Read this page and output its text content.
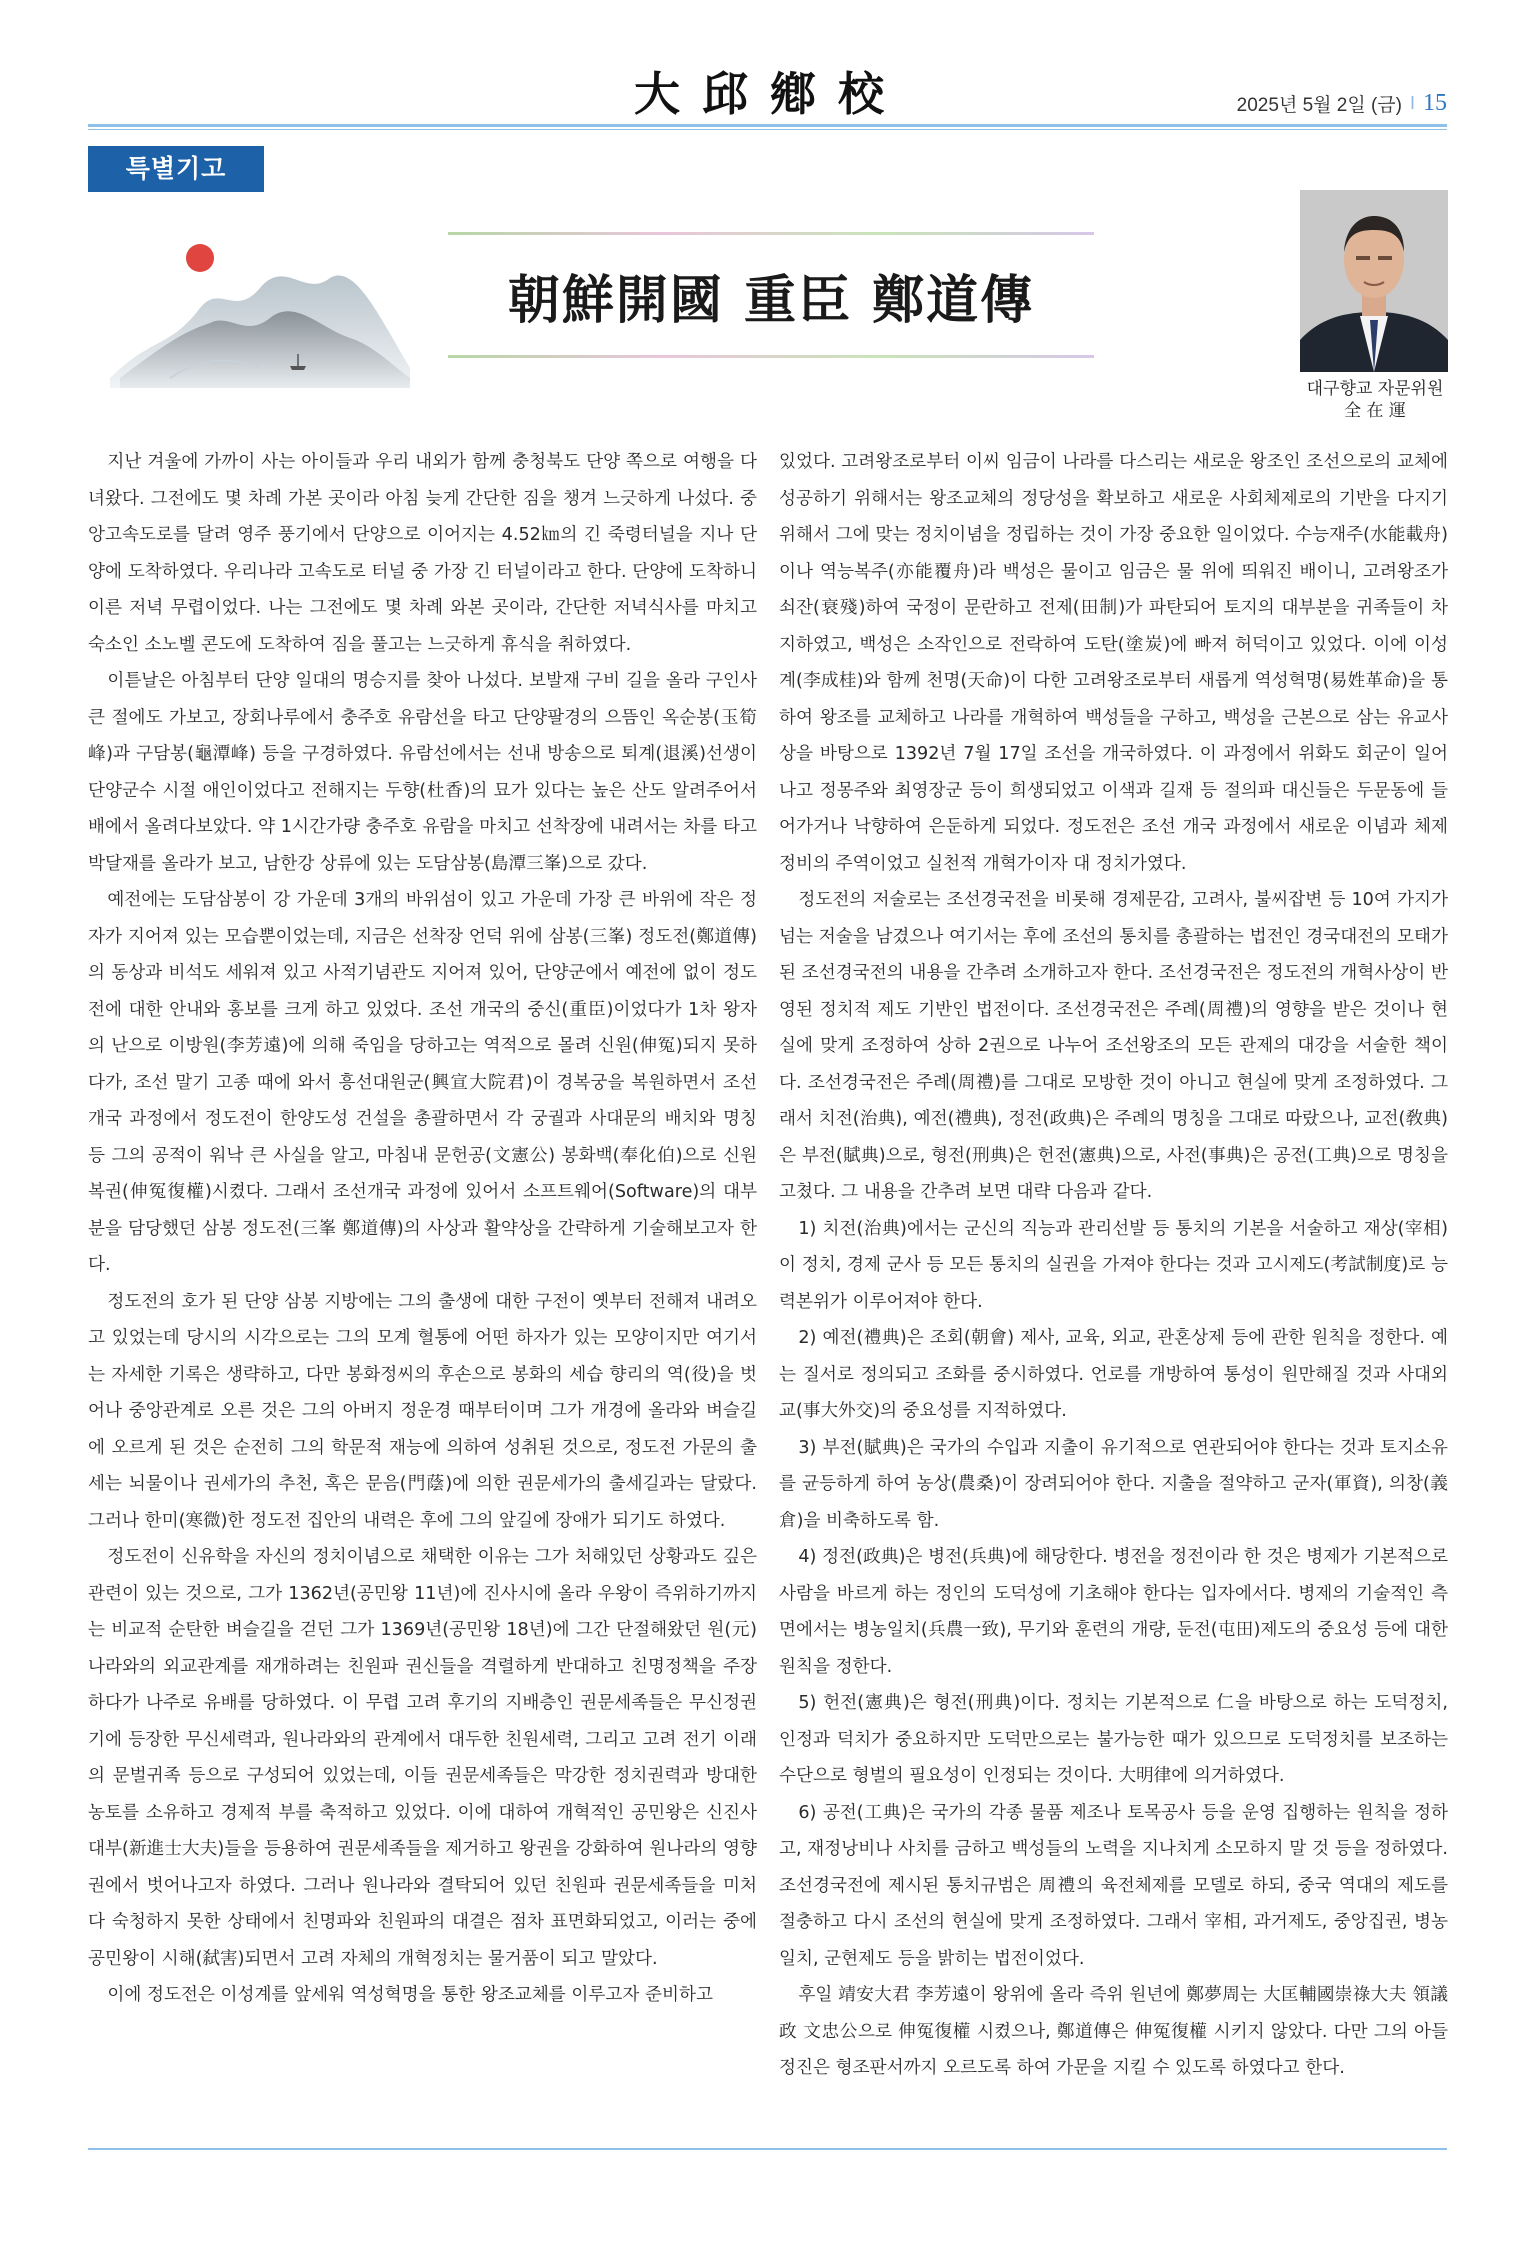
大邱鄕校	2025년 5월 2일 (금) I 15
특별기고
朝鮮開國 重臣 鄭道傳
대구향교 자문위원
全 在 運

지난 겨울에 가까이 사는 아이들과 우리 내외가 함께 충청북도 단양 쪽으로 여행을 다녀왔다. 그전에도 몇 차례 가본 곳이라 아침 늦게 간단한 짐을 챙겨 느긋하게 나섰다. 중앙고속도로를 달려 영주 풍기에서 단양으로 이어지는 4.52㎞의 긴 죽령터널을 지나 단양에 도착하였다. 우리나라 고속도로 터널 중 가장 긴 터널이라고 한다. 단양에 도착하니 이른 저녁 무렵이었다. 나는 그전에도 몇 차례 와본 곳이라, 간단한 저녁식사를 마치고 숙소인 소노벨 콘도에 도착하여 짐을 풀고는 느긋하게 휴식을 취하였다.

이튿날은 아침부터 단양 일대의 명승지를 찾아 나섰다. 보발재 구비 길을 올라 구인사 큰 절에도 가보고, 장회나루에서 충주호 유람선을 타고 단양팔경의 으뜸인 옥순봉(玉筍峰)과 구담봉(龜潭峰) 등을 구경하였다. 유람선에서는 선내 방송으로 퇴계(退溪)선생이 단양군수 시절 애인이었다고 전해지는 두향(杜香)의 묘가 있다는 높은 산도 알려주어서 배에서 올려다보았다. 약 1시간가량 충주호 유람을 마치고 선착장에 내려서는 차를 타고 박달재를 올라가 보고, 남한강 상류에 있는 도담삼봉(島潭三峯)으로 갔다.

예전에는 도담삼봉이 강 가운데 3개의 바위섬이 있고 가운데 가장 큰 바위에 작은 정자가 지어져 있는 모습뿐이었는데, 지금은 선착장 언덕 위에 삼봉(三峯) 정도전(鄭道傳)의 동상과 비석도 세워져 있고 사적기념관도 지어져 있어, 단양군에서 예전에 없이 정도전에 대한 안내와 홍보를 크게 하고 있었다. 조선 개국의 중신(重臣)이었다가 1차 왕자의 난으로 이방원(李芳遠)에 의해 죽임을 당하고는 역적으로 몰려 신원(伸冤)되지 못하다가, 조선 말기 고종 때에 와서 흥선대원군(興宣大院君)이 경복궁을 복원하면서 조선 개국 과정에서 정도전이 한양도성 건설을 총괄하면서 각 궁궐과 사대문의 배치와 명칭 등 그의 공적이 워낙 큰 사실을 알고, 마침내 문헌공(文憲公) 봉화백(奉化伯)으로 신원복권(伸冤復權)시켰다. 그래서 조선개국 과정에 있어서 소프트웨어(Software)의 대부분을 담당했던 삼봉 정도전(三峯 鄭道傳)의 사상과 활약상을 간략하게 기술해보고자 한다.

정도전의 호가 된 단양 삼봉 지방에는 그의 출생에 대한 구전이 옛부터 전해져 내려오고 있었는데 당시의 시각으로는 그의 모계 혈통에 어떤 하자가 있는 모양이지만 여기서는 자세한 기록은 생략하고, 다만 봉화정씨의 후손으로 봉화의 세습 향리의 역(役)을 벗어나 중앙관계로 오른 것은 그의 아버지 정운경 때부터이며 그가 개경에 올라와 벼슬길에 오르게 된 것은 순전히 그의 학문적 재능에 의하여 성취된 것으로, 정도전 가문의 출세는 뇌물이나 권세가의 추천, 혹은 문음(門蔭)에 의한 권문세가의 출세길과는 달랐다. 그러나 한미(寒微)한 정도전 집안의 내력은 후에 그의 앞길에 장애가 되기도 하였다.

정도전이 신유학을 자신의 정치이념으로 채택한 이유는 그가 처해있던 상황과도 깊은 관련이 있는 것으로, 그가 1362년(공민왕 11년)에 진사시에 올라 우왕이 즉위하기까지는 비교적 순탄한 벼슬길을 걷던 그가 1369년(공민왕 18년)에 그간 단절해왔던 원(元)나라와의 외교관계를 재개하려는 친원파 권신들을 격렬하게 반대하고 친명정책을 주장하다가 나주로 유배를 당하였다. 이 무렵 고려 후기의 지배층인 권문세족들은 무신정권기에 등장한 무신세력과, 원나라와의 관계에서 대두한 친원세력, 그리고 고려 전기 이래의 문벌귀족 등으로 구성되어 있었는데, 이들 권문세족들은 막강한 정치권력과 방대한 농토를 소유하고 경제적 부를 축적하고 있었다. 이에 대하여 개혁적인 공민왕은 신진사대부(新進士大夫)들을 등용하여 권문세족들을 제거하고 왕권을 강화하여 원나라의 영향권에서 벗어나고자 하였다. 그러나 원나라와 결탁되어 있던 친원파 권문세족들을 미처 다 숙청하지 못한 상태에서 친명파와 친원파의 대결은 점차 표면화되었고, 이러는 중에 공민왕이 시해(弑害)되면서 고려 자체의 개혁정치는 물거품이 되고 말았다.

이에 정도전은 이성계를 앞세워 역성혁명을 통한 왕조교체를 이루고자 준비하고

있었다. 고려왕조로부터 이씨 임금이 나라를 다스리는 새로운 왕조인 조선으로의 교체에 성공하기 위해서는 왕조교체의 정당성을 확보하고 새로운 사회체제로의 기반을 다지기 위해서 그에 맞는 정치이념을 정립하는 것이 가장 중요한 일이었다. 수능재주(水能載舟)이나 역능복주(亦能覆舟)라 백성은 물이고 임금은 물 위에 띄워진 배이니, 고려왕조가 쇠잔(衰殘)하여 국정이 문란하고 전제(田制)가 파탄되어 토지의 대부분을 귀족들이 차지하였고, 백성은 소작인으로 전락하여 도탄(塗炭)에 빠져 허덕이고 있었다. 이에 이성계(李成桂)와 함께 천명(天命)이 다한 고려왕조로부터 새롭게 역성혁명(易姓革命)을 통하여 왕조를 교체하고 나라를 개혁하여 백성들을 구하고, 백성을 근본으로 삼는 유교사상을 바탕으로 1392년 7월 17일 조선을 개국하였다. 이 과정에서 위화도 회군이 일어나고 정몽주와 최영장군 등이 희생되었고 이색과 길재 등 절의파 대신들은 두문동에 들어가거나 낙향하여 은둔하게 되었다. 정도전은 조선 개국 과정에서 새로운 이념과 체제 정비의 주역이었고 실천적 개혁가이자 대 정치가였다.

정도전의 저술로는 조선경국전을 비롯해 경제문감, 고려사, 불씨잡변 등 10여 가지가 넘는 저술을 남겼으나 여기서는 후에 조선의 통치를 총괄하는 법전인 경국대전의 모태가 된 조선경국전의 내용을 간추려 소개하고자 한다. 조선경국전은 정도전의 개혁사상이 반영된 정치적 제도 기반인 법전이다. 조선경국전은 주례(周禮)의 영향을 받은 것이나 현실에 맞게 조정하여 상하 2권으로 나누어 조선왕조의 모든 관제의 대강을 서술한 책이다. 조선경국전은 주례(周禮)를 그대로 모방한 것이 아니고 현실에 맞게 조정하였다. 그래서 치전(治典), 예전(禮典), 정전(政典)은 주례의 명칭을 그대로 따랐으나, 교전(敎典)은 부전(賦典)으로, 형전(刑典)은 헌전(憲典)으로, 사전(事典)은 공전(工典)으로 명칭을 고쳤다. 그 내용을 간추려 보면 대략 다음과 같다.

1) 치전(治典)에서는 군신의 직능과 관리선발 등 통치의 기본을 서술하고 재상(宰相)이 정치, 경제 군사 등 모든 통치의 실권을 가져야 한다는 것과 고시제도(考試制度)로 능력본위가 이루어져야 한다.

2) 예전(禮典)은 조회(朝會) 제사, 교육, 외교, 관혼상제 등에 관한 원칙을 정한다. 예는 질서로 정의되고 조화를 중시하였다. 언로를 개방하여 통성이 원만해질 것과 사대외교(事大外交)의 중요성를 지적하였다.

3) 부전(賦典)은 국가의 수입과 지출이 유기적으로 연관되어야 한다는 것과 토지소유를 균등하게 하여 농상(農桑)이 장려되어야 한다. 지출을 절약하고 군자(軍資), 의창(義倉)을 비축하도록 함.

4) 정전(政典)은 병전(兵典)에 해당한다. 병전을 정전이라 한 것은 병제가 기본적으로 사람을 바르게 하는 정인의 도덕성에 기초해야 한다는 입자에서다. 병제의 기술적인 측면에서는 병농일치(兵農一致), 무기와 훈련의 개량, 둔전(屯田)제도의 중요성 등에 대한 원칙을 정한다.

5) 헌전(憲典)은 형전(刑典)이다. 정치는 기본적으로 仁을 바탕으로 하는 도덕정치, 인정과 덕치가 중요하지만 도덕만으로는 불가능한 때가 있으므로 도덕정치를 보조하는 수단으로 형벌의 필요성이 인정되는 것이다. 大明律에 의거하였다.

6) 공전(工典)은 국가의 각종 물품 제조나 토목공사 등을 운영 집행하는 원칙을 정하고, 재정낭비나 사치를 금하고 백성들의 노력을 지나치게 소모하지 말 것 등을 정하였다. 조선경국전에 제시된 통치규범은 周禮의 육전체제를 모델로 하되, 중국 역대의 제도를 절충하고 다시 조선의 현실에 맞게 조정하였다. 그래서 宰相, 과거제도, 중앙집권, 병농일치, 군현제도 등을 밝히는 법전이었다.

후일 靖安大君 李芳遠이 왕위에 올라 즉위 원년에 鄭夢周는 大匡輔國崇祿大夫 領議政 文忠公으로 伸冤復權 시켰으나, 鄭道傳은 伸冤復權 시키지 않았다. 다만 그의 아들 정진은 형조판서까지 오르도록 하여 가문을 지킬 수 있도록 하였다고 한다.
